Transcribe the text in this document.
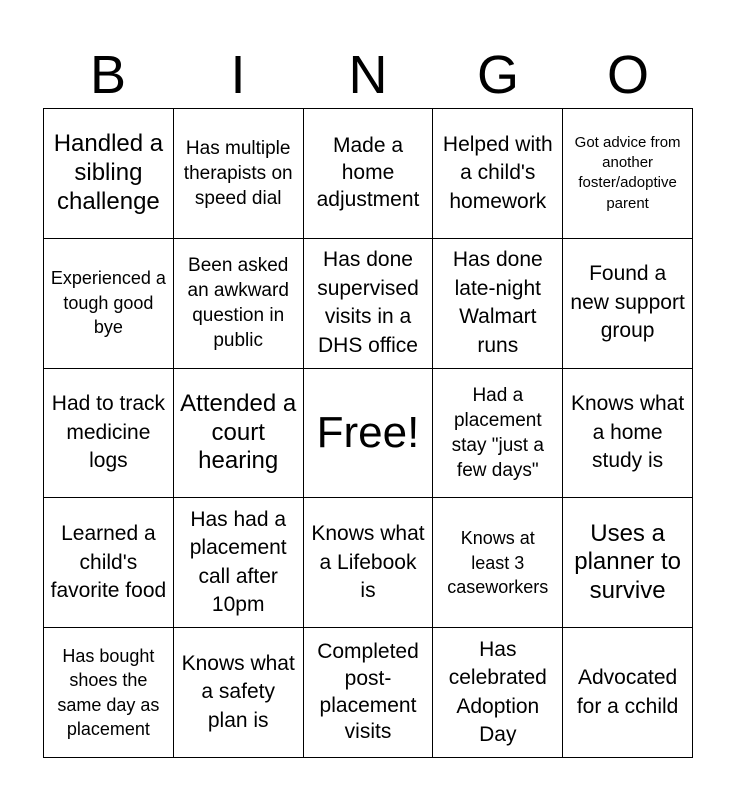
B	I	N	G	O
Handled a sibling challenge
Has multiple therapists on speed dial
Made a home adjustment
Helped with a child's homework
Got advice from another foster/adoptive parent
Experienced a tough good bye
Been asked an awkward question in public
Has done supervised visits in a DHS office
Has done late-night Walmart runs
Found a new support group
Had to track medicine logs
Attended a court hearing
Free!
Had a placement stay "just a few days"
Knows what a home study is
Learned a child's favorite food
Has had a placement call after 10pm
Knows what a Lifebook is
Knows at least 3 caseworkers
Uses a planner to survive
Has bought shoes the same day as placement
Knows what a safety plan is
Completed post-placement visits
Has celebrated Adoption Day
Advocated for a cchild
